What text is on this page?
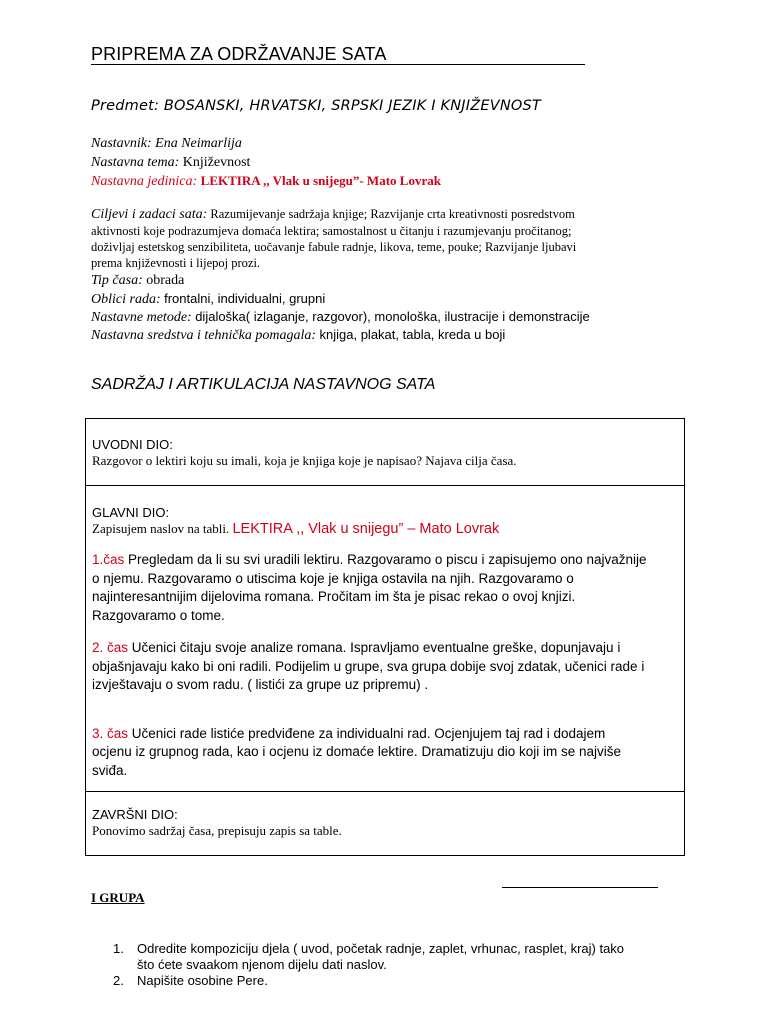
PRIPREMA ZA ODRŽAVANJE SATA
Predmet: BOSANSKI, HRVATSKI, SRPSKI JEZIK I KNJIŽEVNOST
Nastavnik: Ena Neimarlija
Nastavna tema: Književnost
Nastavna jedinica: LEKTIRA ,, Vlak u snijegu”- Mato Lovrak
Ciljevi i zadaci sata: Razumijevanje sadržaja knjige; Razvijanje crta kreativnosti posredstvom
aktivnosti koje podrazumjeva domaća lektira; samostalnost u čitanju i razumjevanju pročitanog;
doživljaj estetskog senzibiliteta, uočavanje fabule radnje, likova, teme, pouke; Razvijanje ljubavi
prema književnosti i lijepoj prozi.
Tip časa: obrada
Oblici rada: frontalni, individualni, grupni
Nastavne metode: dijaloška( izlaganje, razgovor), monološka, ilustracije i demonstracije
Nastavna sredstva i tehnička pomagala: knjiga, plakat, tabla, kreda u boji
SADRŽAJ I ARTIKULACIJA NASTAVNOG SATA
UVODNI DIO:
Razgovor o lektiri koju su imali, koja je knjiga koje je napisao? Najava cilja časa.
GLAVNI DIO:
Zapisujem naslov na tabli. LEKTIRA ,, Vlak u snijegu” – Mato Lovrak
1.čas Pregledam da li su svi uradili lektiru. Razgovaramo o piscu i zapisujemo ono najvažnije
o njemu. Razgovaramo o utiscima koje je knjiga ostavila na njih. Razgovaramo o
najinteresantnijim dijelovima romana. Pročitam im šta je pisac rekao o ovoj knjizi.
Razgovaramo o tome.
2. čas Učenici čitaju svoje analize romana. Ispravljamo eventualne greške, dopunjavaju i
objašnjavaju kako bi oni radili. Podijelim u grupe, sva grupa dobije svoj zdatak, učenici rade i
izvještavaju o svom radu. ( listići za grupe uz pripremu) .
3. čas Učenici rade listiće predviđene za individualni rad. Ocjenjujem taj rad i dodajem
ocjenu iz grupnog rada, kao i ocjenu iz domaće lektire. Dramatizuju dio koji im se najviše
sviđa.
ZAVRŠNI DIO:
Ponovimo sadržaj časa, prepisuju zapis sa table.
I GRUPA
1.	Odredite kompoziciju djela ( uvod, početak radnje, zaplet, vrhunac, rasplet, kraj) tako
što ćete svaakom njenom dijelu dati naslov.
2.	Napišite osobine Pere.
